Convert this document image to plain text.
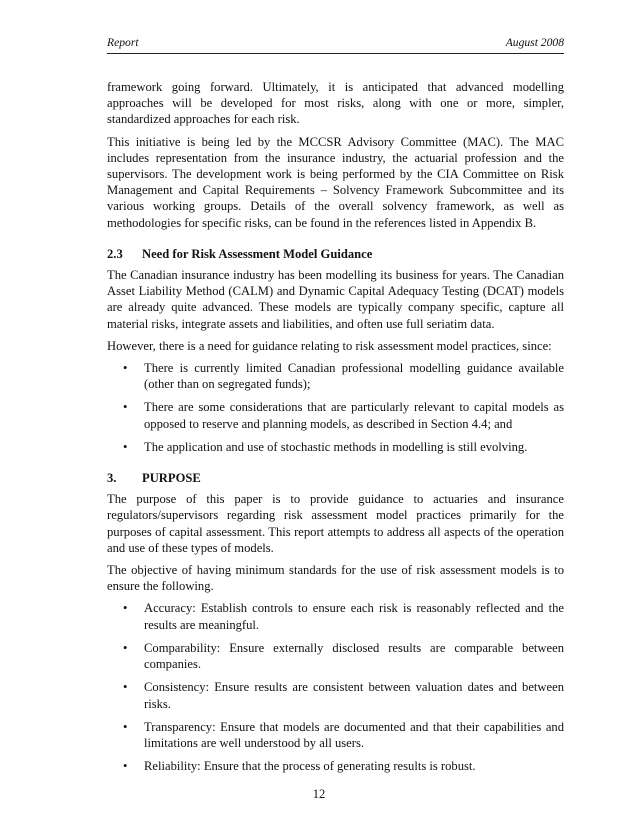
Report	August 2008

framework going forward. Ultimately, it is anticipated that advanced modelling approaches will be developed for most risks, along with one or more, simpler, standardized approaches for each risk.

This initiative is being led by the MCCSR Advisory Committee (MAC). The MAC includes representation from the insurance industry, the actuarial profession and the supervisors. The development work is being performed by the CIA Committee on Risk Management and Capital Requirements – Solvency Framework Subcommittee and its various working groups. Details of the overall solvency framework, as well as methodologies for specific risks, can be found in the references listed in Appendix B.

2.3 Need for Risk Assessment Model Guidance

The Canadian insurance industry has been modelling its business for years. The Canadian Asset Liability Method (CALM) and Dynamic Capital Adequacy Testing (DCAT) models are already quite advanced. These models are typically company specific, capture all material risks, integrate assets and liabilities, and often use full seriatim data.

However, there is a need for guidance relating to risk assessment model practices, since:

• There is currently limited Canadian professional modelling guidance available (other than on segregated funds);
• There are some considerations that are particularly relevant to capital models as opposed to reserve and planning models, as described in Section 4.4; and
• The application and use of stochastic methods in modelling is still evolving.
3. PURPOSE

The purpose of this paper is to provide guidance to actuaries and insurance regulators/supervisors regarding risk assessment model practices primarily for the purposes of capital assessment. This report attempts to address all aspects of the operation and use of these types of models.

The objective of having minimum standards for the use of risk assessment models is to ensure the following.

• Accuracy: Establish controls to ensure each risk is reasonably reflected and the results are meaningful.
• Comparability: Ensure externally disclosed results are comparable between companies.
• Consistency: Ensure results are consistent between valuation dates and between risks.
• Transparency: Ensure that models are documented and that their capabilities and limitations are well understood by all users.
• Reliability: Ensure that the process of generating results is robust.
12
